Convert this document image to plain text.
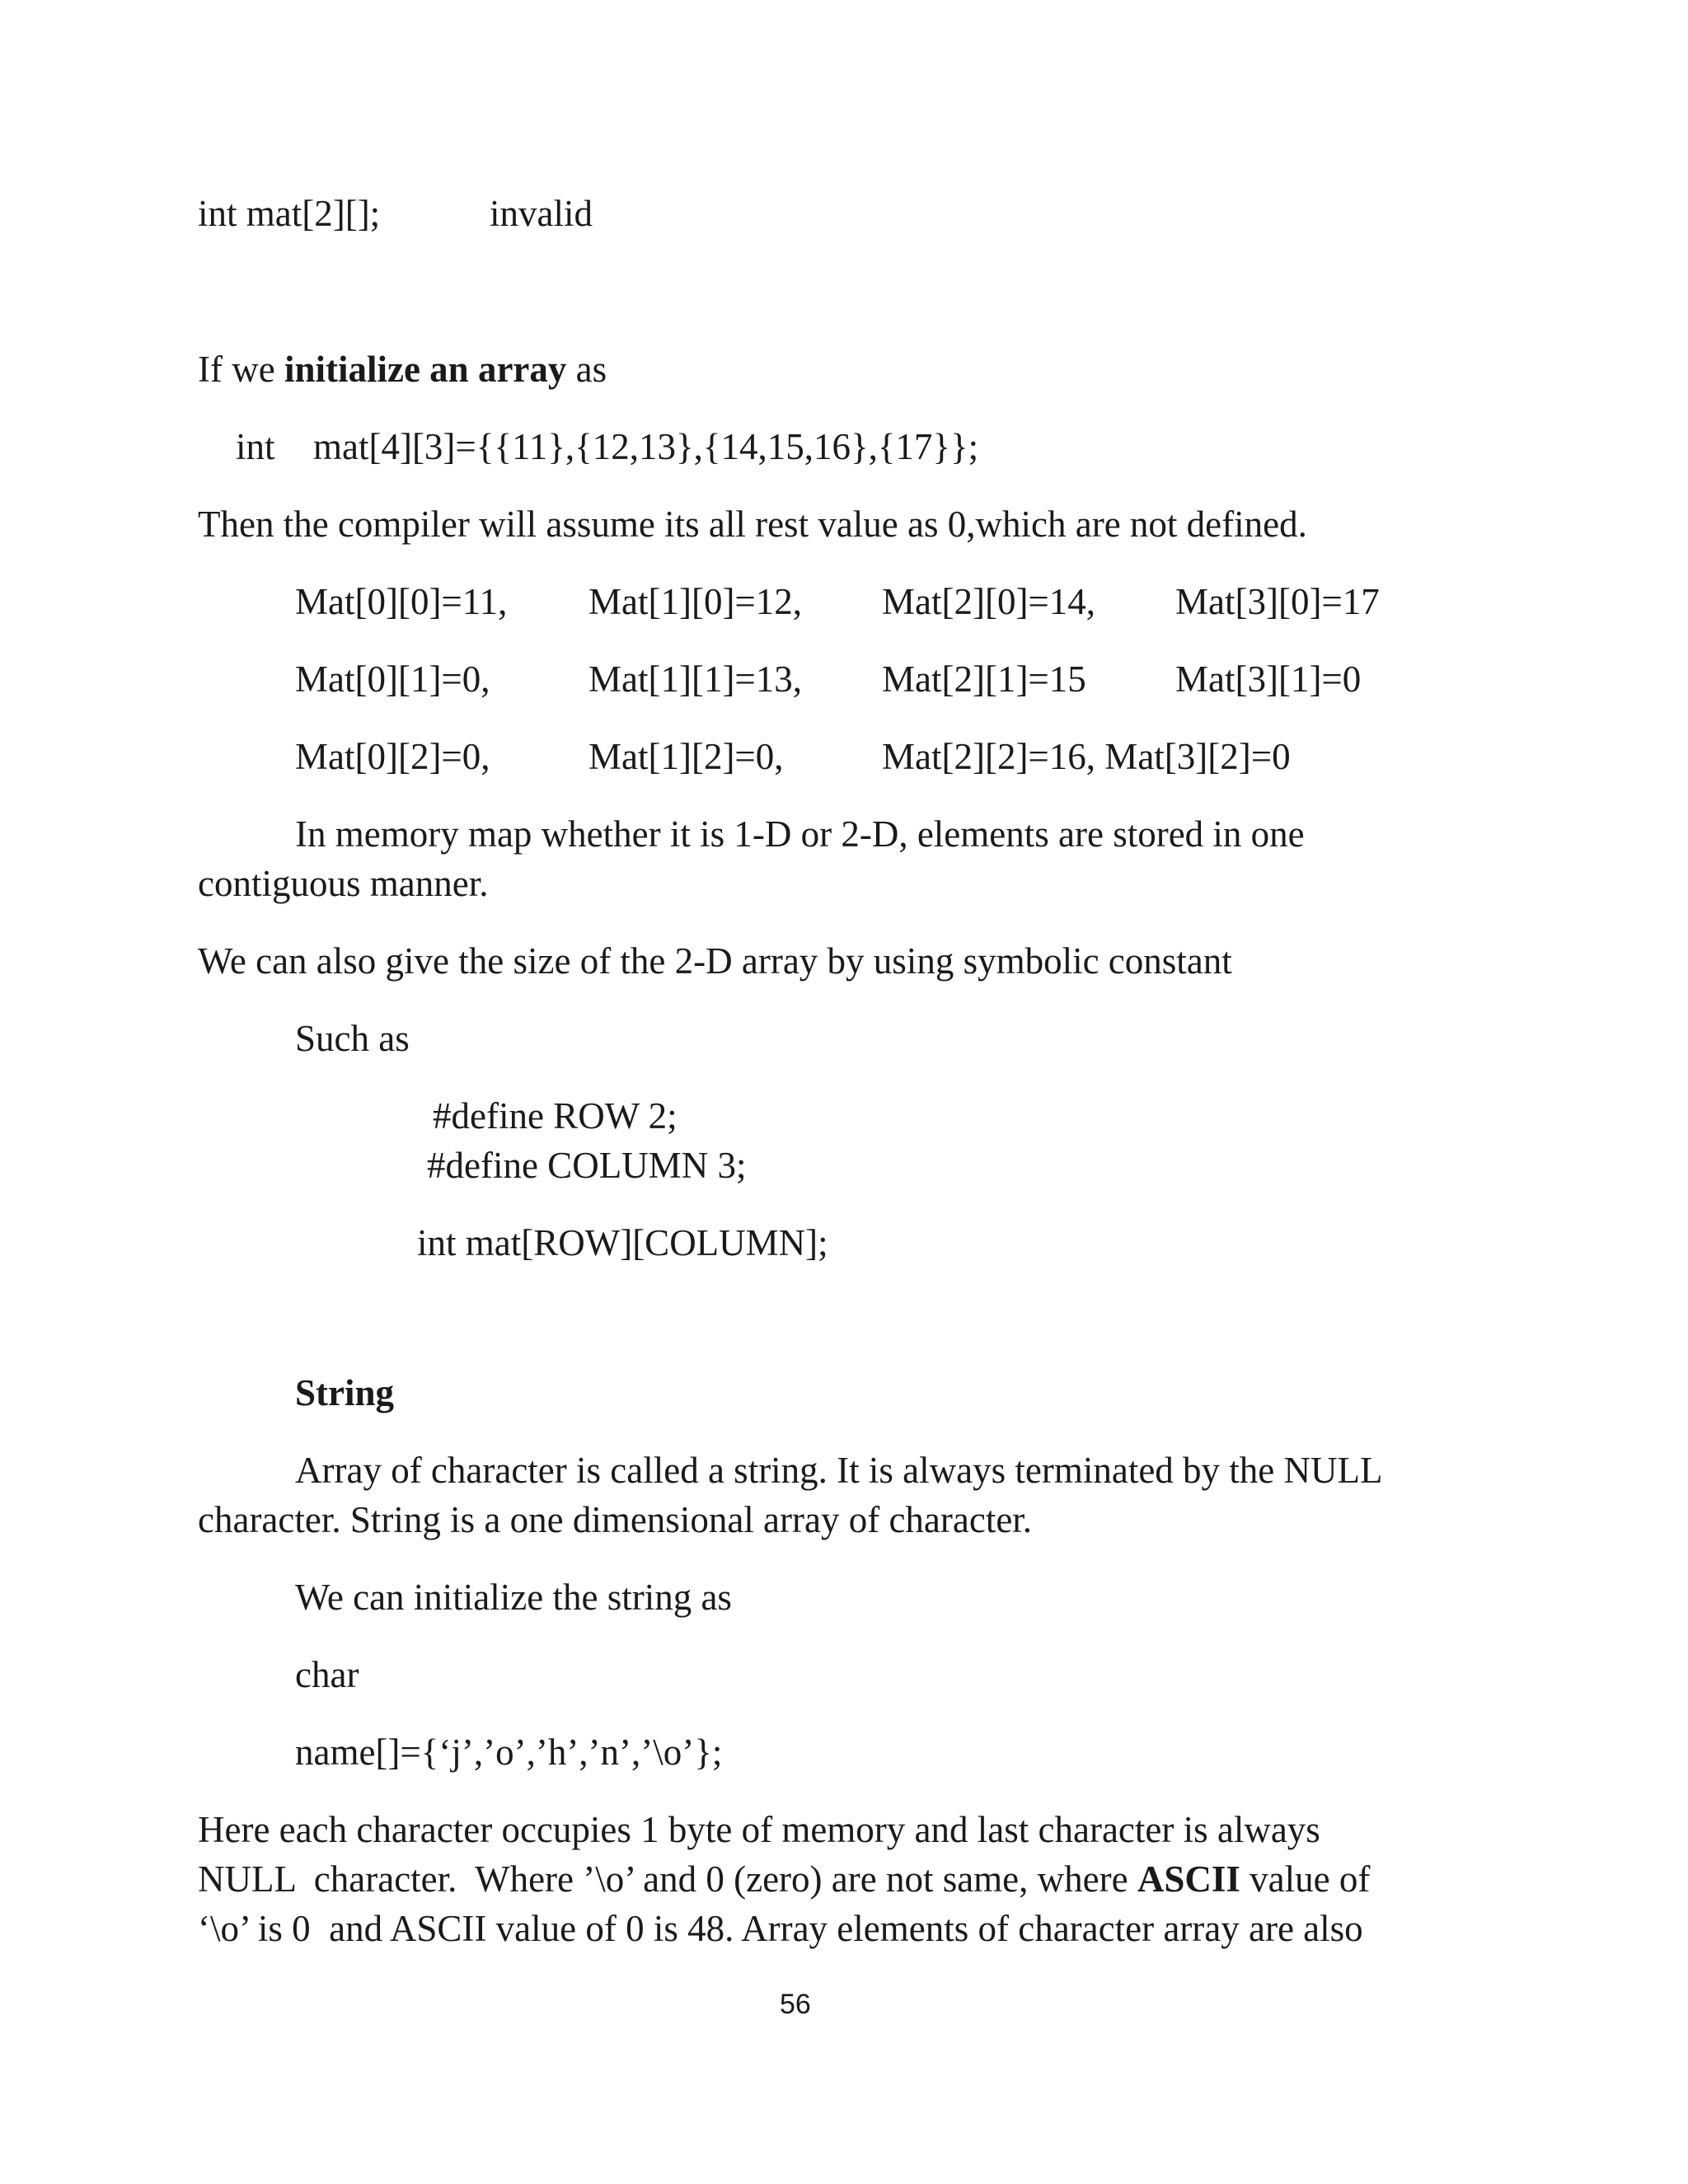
int mat[2][];	invalid
If we initialize an array as
int mat[4][3]={{11},{12,13},{14,15,16},{17}};
Then the compiler will assume its all rest value as 0,which are not defined.
Mat[0][0]=11, Mat[1][0]=12, Mat[2][0]=14, Mat[3][0]=17
Mat[0][1]=0,	Mat[1][1]=13, Mat[2][1]=15 Mat[3][1]=0
Mat[0][2]=0,	Mat[1][2]=0,	Mat[2][2]=16, Mat[3][2]=0
In memory map whether it is 1-D or 2-D, elements are stored in one
contiguous manner.
We can also give the size of the 2-D array by using symbolic constant
Such as
#define ROW 2;
#define COLUMN 3;
int mat[ROW][COLUMN];
String
Array of character is called a string. It is always terminated by the NULL
character. String is a one dimensional array of character.
We can initialize the string as
char
name[]={‘j’,’o’,’h’,’n’,’\o’};
Here each character occupies 1 byte of memory and last character is always
NULL  character.  Where ’\o’ and 0 (zero) are not same, where ASCII value of
‘\o’ is 0  and ASCII value of 0 is 48. Array elements of character array are also
56
